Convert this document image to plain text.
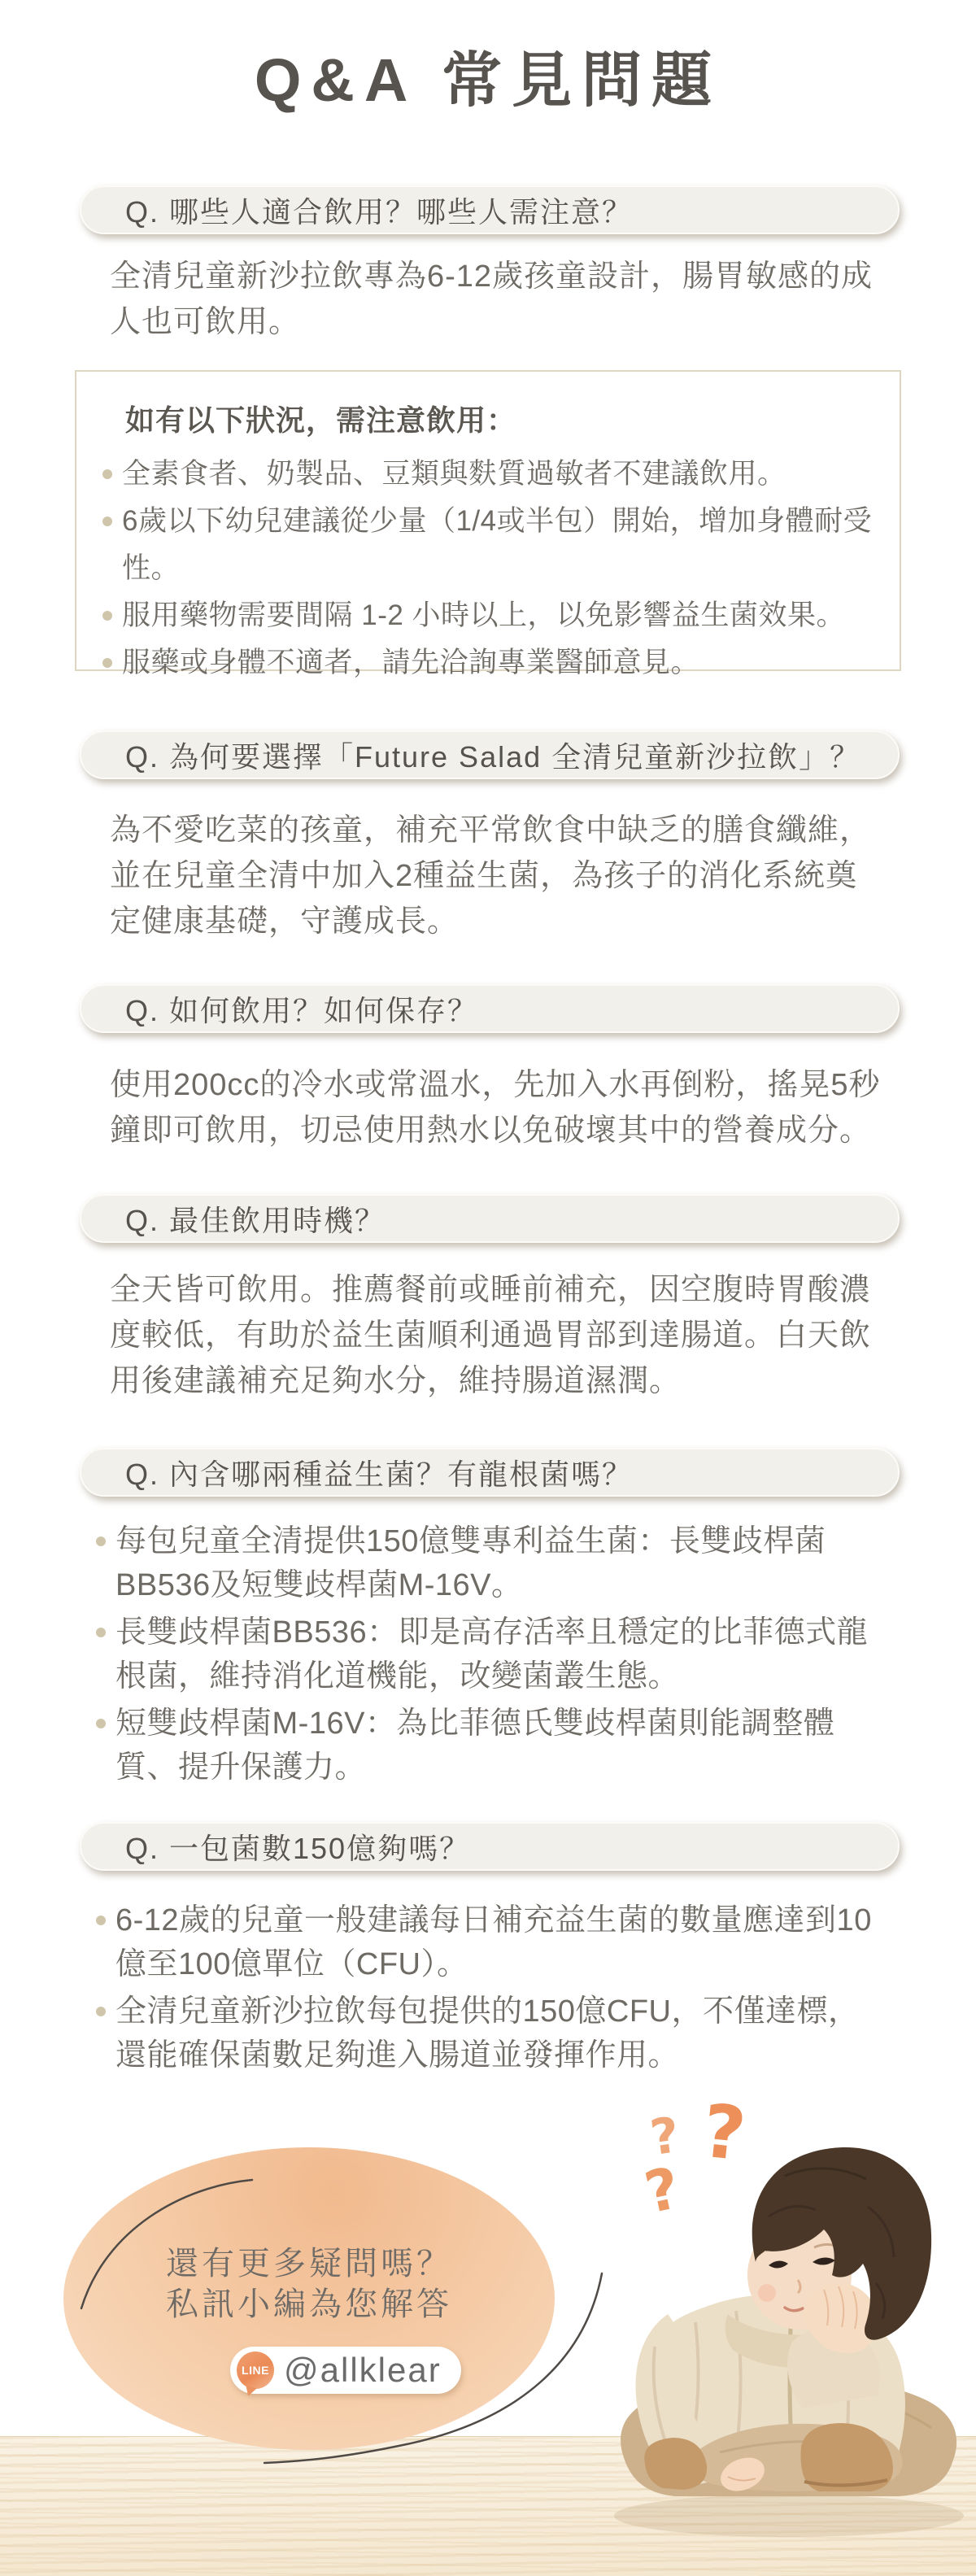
Q&A 常見問題
Q. 哪些人適合飲用？哪些人需注意？
全清兒童新沙拉飲專為6-12歲孩童設計，腸胃敏感的成人也可飲用。
如有以下狀況，需注意飲用：
全素食者、奶製品、豆類與麩質過敏者不建議飲用。
6歲以下幼兒建議從少量（1/4或半包）開始，增加身體耐受性。
服用藥物需要間隔 1-2 小時以上，以免影響益生菌效果。
服藥或身體不適者，請先洽詢專業醫師意見。
Q. 為何要選擇「Future Salad 全清兒童新沙拉飲」？
為不愛吃菜的孩童，補充平常飲食中缺乏的膳食纖維，並在兒童全清中加入2種益生菌，為孩子的消化系統奠定健康基礎，守護成長。
Q. 如何飲用？如何保存？
使用200cc的冷水或常溫水，先加入水再倒粉，搖晃5秒鐘即可飲用，切忌使用熱水以免破壞其中的營養成分。
Q. 最佳飲用時機？
全天皆可飲用。推薦餐前或睡前補充，因空腹時胃酸濃度較低，有助於益生菌順利通過胃部到達腸道。白天飲用後建議補充足夠水分，維持腸道濕潤。
Q. 內含哪兩種益生菌？有龍根菌嗎？
每包兒童全清提供150億雙專利益生菌：長雙歧桿菌BB536及短雙歧桿菌M-16V。
長雙歧桿菌BB536：即是高存活率且穩定的比菲德式龍根菌，維持消化道機能，改變菌叢生態。
短雙歧桿菌M-16V：為比菲德氏雙歧桿菌則能調整體質、提升保護力。
Q. 一包菌數150億夠嗎？
6-12歲的兒童一般建議每日補充益生菌的數量應達到10億至100億單位（CFU）。
全清兒童新沙拉飲每包提供的150億CFU，不僅達標，還能確保菌數足夠進入腸道並發揮作用。
還有更多疑問嗎？
私訊小編為您解答
LINE @allklear
? ?
?
